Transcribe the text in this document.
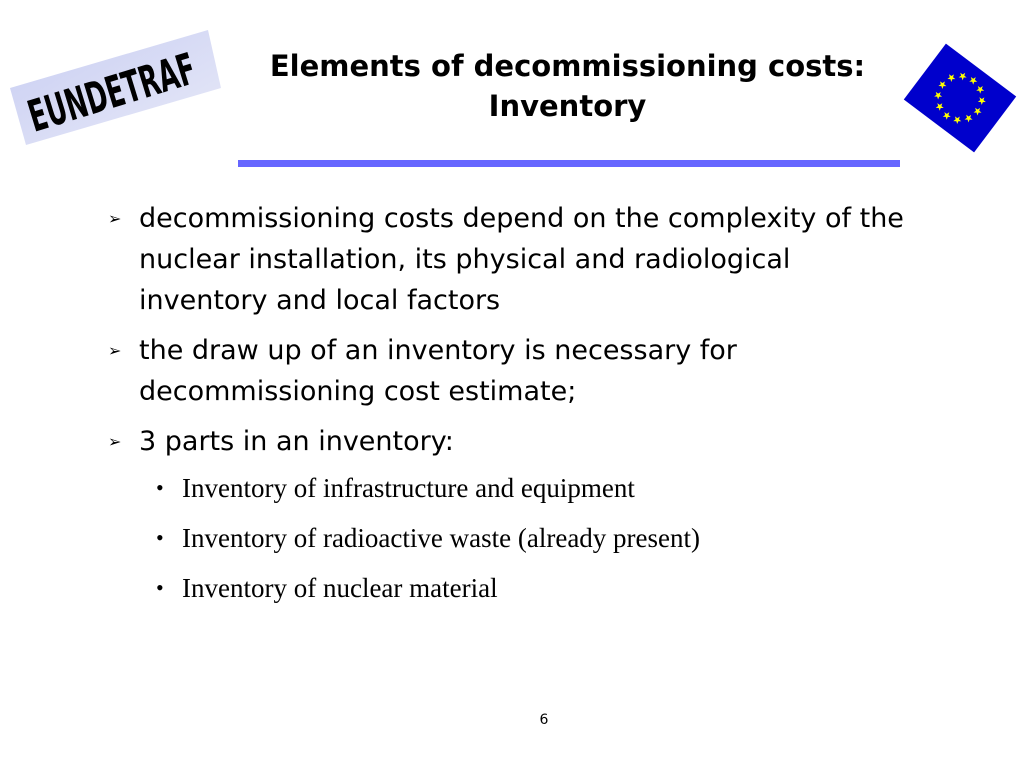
EUNDETRAF	Elements of decommissioning costs:
Inventory
➢ decommissioning costs depend on the complexity of the nuclear installation, its physical and radiological inventory and local factors
➢ the draw up of an inventory is necessary for decommissioning cost estimate;
➢ 3 parts in an inventory:
• Inventory of infrastructure and equipment
• Inventory of radioactive waste (already present)
• Inventory of nuclear material
6
